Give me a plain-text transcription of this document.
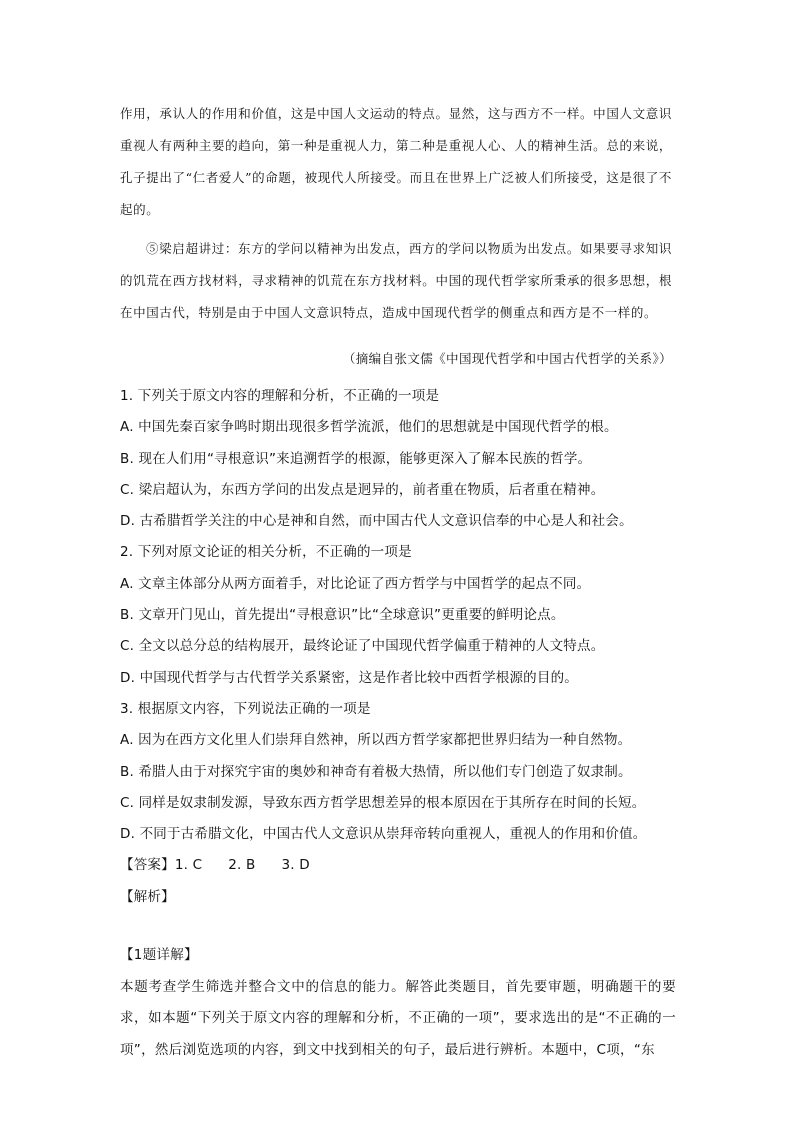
作用，承认人的作用和价值，这是中国人文运动的特点。显然，这与西方不一样。中国人文意识重视人有两种主要的趋向，第一种是重视人力，第二种是重视人心、人的精神生活。总的来说，孔子提出了“仁者爱人”的命题，被现代人所接受。而且在世界上广泛被人们所接受，这是很了不起的。

⑤梁启超讲过：东方的学问以精神为出发点，西方的学问以物质为出发点。如果要寻求知识的饥荒在西方找材料，寻求精神的饥荒在东方找材料。中国的现代哲学家所秉承的很多思想，根在中国古代，特别是由于中国人文意识特点，造成中国现代哲学的侧重点和西方是不一样的。

（摘编自张文儒《中国现代哲学和中国古代哲学的关系》）
1. 下列关于原文内容的理解和分析，不正确的一项是
A. 中国先秦百家争鸣时期出现很多哲学流派，他们的思想就是中国现代哲学的根。
B. 现在人们用“寻根意识”来追溯哲学的根源，能够更深入了解本民族的哲学。
C. 梁启超认为，东西方学问的出发点是迥异的，前者重在物质，后者重在精神。
D. 古希腊哲学关注的中心是神和自然，而中国古代人文意识信奉的中心是人和社会。
2. 下列对原文论证的相关分析，不正确的一项是
A. 文章主体部分从两方面着手，对比论证了西方哲学与中国哲学的起点不同。
B. 文章开门见山，首先提出“寻根意识”比“全球意识”更重要的鲜明论点。
C. 全文以总分总的结构展开，最终论证了中国现代哲学偏重于精神的人文特点。
D. 中国现代哲学与古代哲学关系紧密，这是作者比较中西哲学根源的目的。
3. 根据原文内容，下列说法正确的一项是
A. 因为在西方文化里人们崇拜自然神，所以西方哲学家都把世界归结为一种自然物。
B. 希腊人由于对探究宇宙的奥妙和神奇有着极大热情，所以他们专门创造了奴隶制。
C. 同样是奴隶制发源，导致东西方哲学思想差异的根本原因在于其所存在时间的长短。
D. 不同于古希腊文化，中国古代人文意识从崇拜帝转向重视人，重视人的作用和价值。
【答案】 1. C 2. B 3. D
【解析】

【1题详解】

本题考查学生筛选并整合文中的信息的能力。解答此类题目，首先要审题，明确题干的要求，如本题“下列关于原文内容的理解和分析，不正确的一项”，要求选出的是“不正确的一项”，然后浏览选项的内容，到文中找到相关的句子，最后进行辨析。本题中，C项，“东
